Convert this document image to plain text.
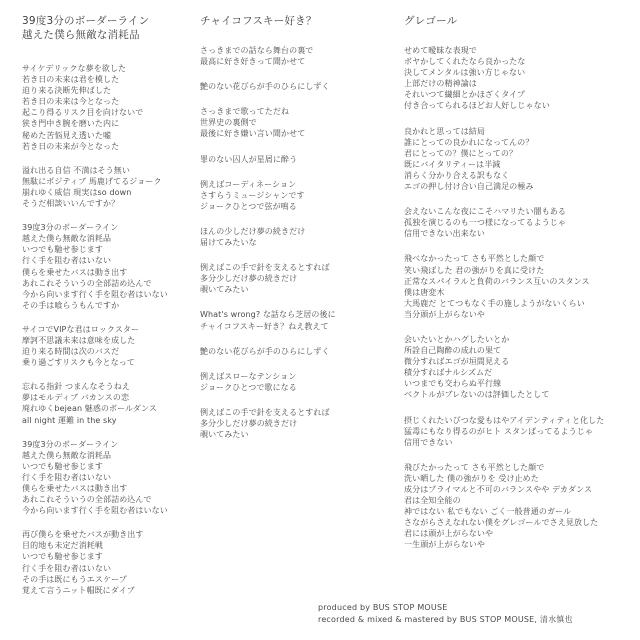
39度3分のボーダーライン
越えた僕ら無敵な消耗品
サイケデリックな夢を欲した
若き日の未来は君を模した
迫り来る決断先伸ばした
若き日の未来は今となった
起こり得るリスク目を向けないで
狭き門中き腕を磨いた内に
秘めた苦悩見え透いた嘘
若き日の未来が今となった
溢れ出る自信 不満はそう無い
無駄にポジティブ 馬鹿げてるジョーク
崩れゆく威信 現実はso down
そうだ相談いいんですか？
39度3分のボーダーライン
越えた僕ら無敵な消耗品
いつでも馳せ参じます
行く手を阻む者はいない
僕らを乗せたバスは動き出す
あれこれそういうの全部詰め込んで
今から向います行く手を阻む者はいない
その手は喰らうもんですか
サイコでVIPな君はロックスター
摩訶不思議未来は意味を成した
迫り来る時間は次のバスだ
乗り過ごすリスクも今となって
忘れる指針 つまんなそうねえ
夢はモルディブ バカンスの恋
廃れゆくbejean 魅惑のボールダンス
all night 運難 in the sky
39度3分のボーダーライン
越えた僕ら無敵な消耗品
いつでも馳せ参じます
行く手を阻む者はいない
僕らを乗せたバスは動き出す
あれこれそういうの全部詰め込んで
今から向います行く手を阻む者はいない
再び僕らを乗せたバスが動き出す
目的地も未定だ消耗戦
いつでも馳せ参じます
行く手を阻む者はいない
その手は既にもうエスケープ
覚えて言うニット帽既にダイブ
チャイコフスキー好き？
さっきまでの話なら舞台の裏で
最高に好き好きって聞かせて
艶のない花びらが手のひらにしずく
さっきまで歌ってただね
世界史の裏側で
最後に好き嫌い言い聞かせて
罪のない囚人が星屑に酔う
例えばコーディネーション
さすらうミュージシャンです
ジョークひとつで弦が鳴る
ほんの少しだけ夢の続きだけ
届けてみたいな
例えばこの手で針を支えるとすれば
多分少しだけ夢の続きだけ
覗いてみたい
What's wrong? な話なら芝居の後に
チャイコフスキー好き？ねえ教えて
艶のない花びらが手のひらにしずく
例えばスローなテンション
ジョークひとつで歌になる
例えばこの手で針を支えるとすれば
多分少しだけ夢の続きだけ
覗いてみたい
グレゴール
せめて曖昧な表現で
ボヤかしてくれたなら良かったな
決してメンタルは強い方じゃない
上部だけの精神論は
それいつて繊細とかほざくタイプ
付き合ってられるほどお人好しじゃない
良かれと思っては結局
誰にとっての良かれになってんの？
君にとっての？僕にとっての？
既にバイタリティーは半減
消らく分かり合える訳もなく
エゴの押し付け合い自己満足の極み
会えないこんな夜にこそハマリたい闇もある
孤独を演じるのも一つ様になってるようじゃ
信用できない出来ない
飛べなかったって さも平然とした顔で
笑い飛ばした 君の強がりを真に受けた
正常なスパイラルと負荷のバランス互いのスタンス
僕は唐変木
大馬鹿だ とてつもなく手の施しようがないくらい
当分頭が上がらないや
会いたいとかハグしたいとか
所詮自己陶酔の成れの果て
微分すればエゴが垣間見える
積分すればナルシズムだ
いつまでも交わらぬ平行線
ベクトルがブレないのは評価したとして
摂じくれたいびつな愛もはやアイデンティティと化した
猛毒にもなり得るのがヒト スタンぱってるようじゃ
信用できない
飛びたかったって さも平然とした顔で
洗い晒した 僕の強がりを 受け止めた
成分はプライマルと不可のバランスやや デカダンス
君は全知全能の
神ではない 私でもない ごく一般普通のガール
さながらさえなれない僕をグレゴールでさえ見放した
君には頭が上がらないや
一生頭が上がらないや
produced by BUS STOP MOUSE
recorded & mixed & mastered by BUS STOP MOUSE, 清水慎也
